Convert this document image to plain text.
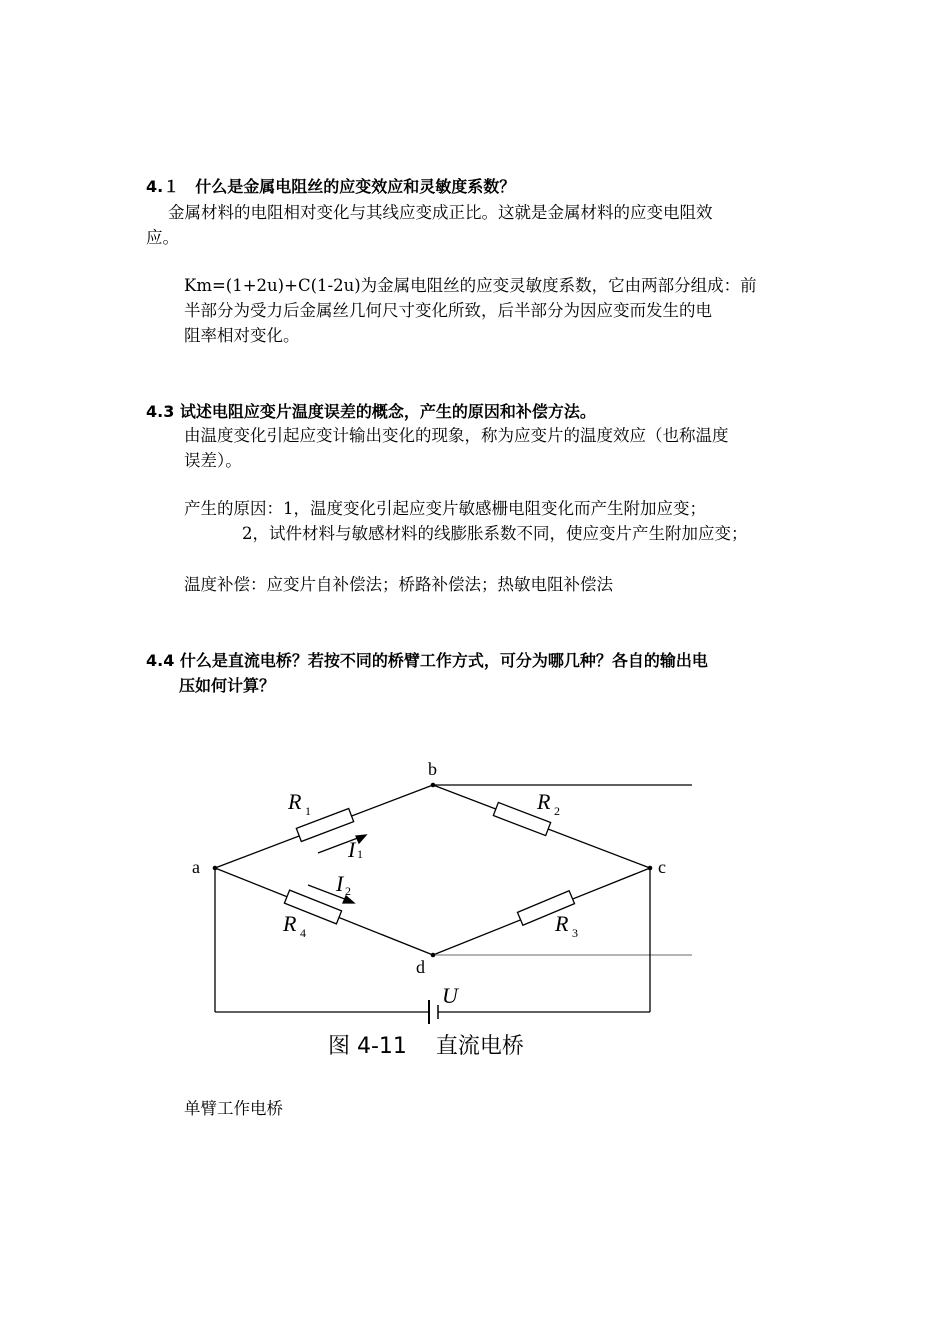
4.１　什么是金属电阻丝的应变效应和灵敏度系数？
金属材料的电阻相对变化与其线应变成正比。这就是金属材料的应变电阻效
应。
Km=(1+2u)+C(1-2u)为金属电阻丝的应变灵敏度系数，它由两部分组成：前
半部分为受力后金属丝几何尺寸变化所致，后半部分为因应变而发生的电
阻率相对变化。
4.3 试述电阻应变片温度误差的概念，产生的原因和补偿方法。
由温度变化引起应变计输出变化的现象，称为应变片的温度效应（也称温度
误差）。
产生的原因：1，温度变化引起应变片敏感栅电阻变化而产生附加应变；
2，试件材料与敏感材料的线膨胀系数不同，使应变片产生附加应变；
温度补偿：应变片自补偿法；桥路补偿法；热敏电阻补偿法
4.4 什么是直流电桥？若按不同的桥臂工作方式，可分为哪几种？各自的输出电
压如何计算？
a
b
c
d
R 1	R 2
R 3
R 4
I 1
I 2
U
图 4-11　 直流电桥
单臂工作电桥
